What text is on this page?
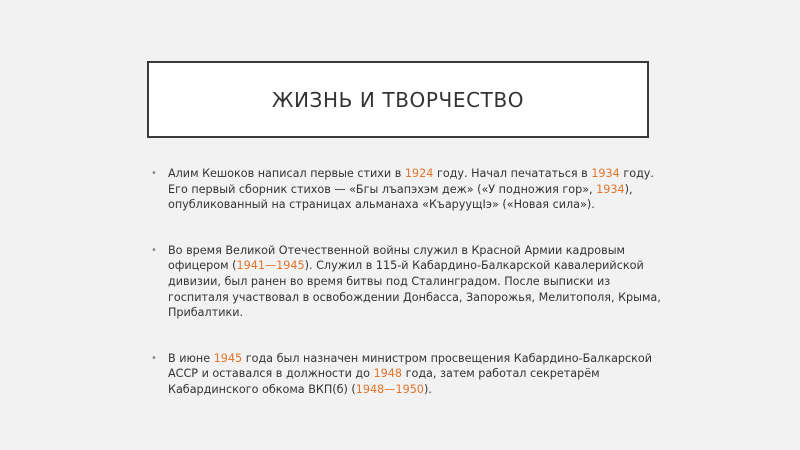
ЖИЗНЬ И ТВОРЧЕСТВО
• Алим Кешоков написал первые стихи в 1924 году. Начал печататься в 1934 году. Его первый сборник стихов — «Бгы лъапэхэм деж» («У подножия гор», 1934), опубликованный на страницах альманаха «КъаруущIэ» («Новая сила»).
• Во время Великой Отечественной войны служил в Красной Армии кадровым офицером (1941—1945). Служил в 115-й Кабардино-Балкарской кавалерийской дивизии, был ранен во время битвы под Сталинградом. После выписки из госпиталя участвовал в освобождении Донбасса, Запорожья, Мелитополя, Крыма, Прибалтики.
• В июне 1945 года был назначен министром просвещения Кабардино-Балкарской АССР и оставался в должности до 1948 года, затем работал секретарём Кабардинского обкома ВКП(б) (1948—1950).
